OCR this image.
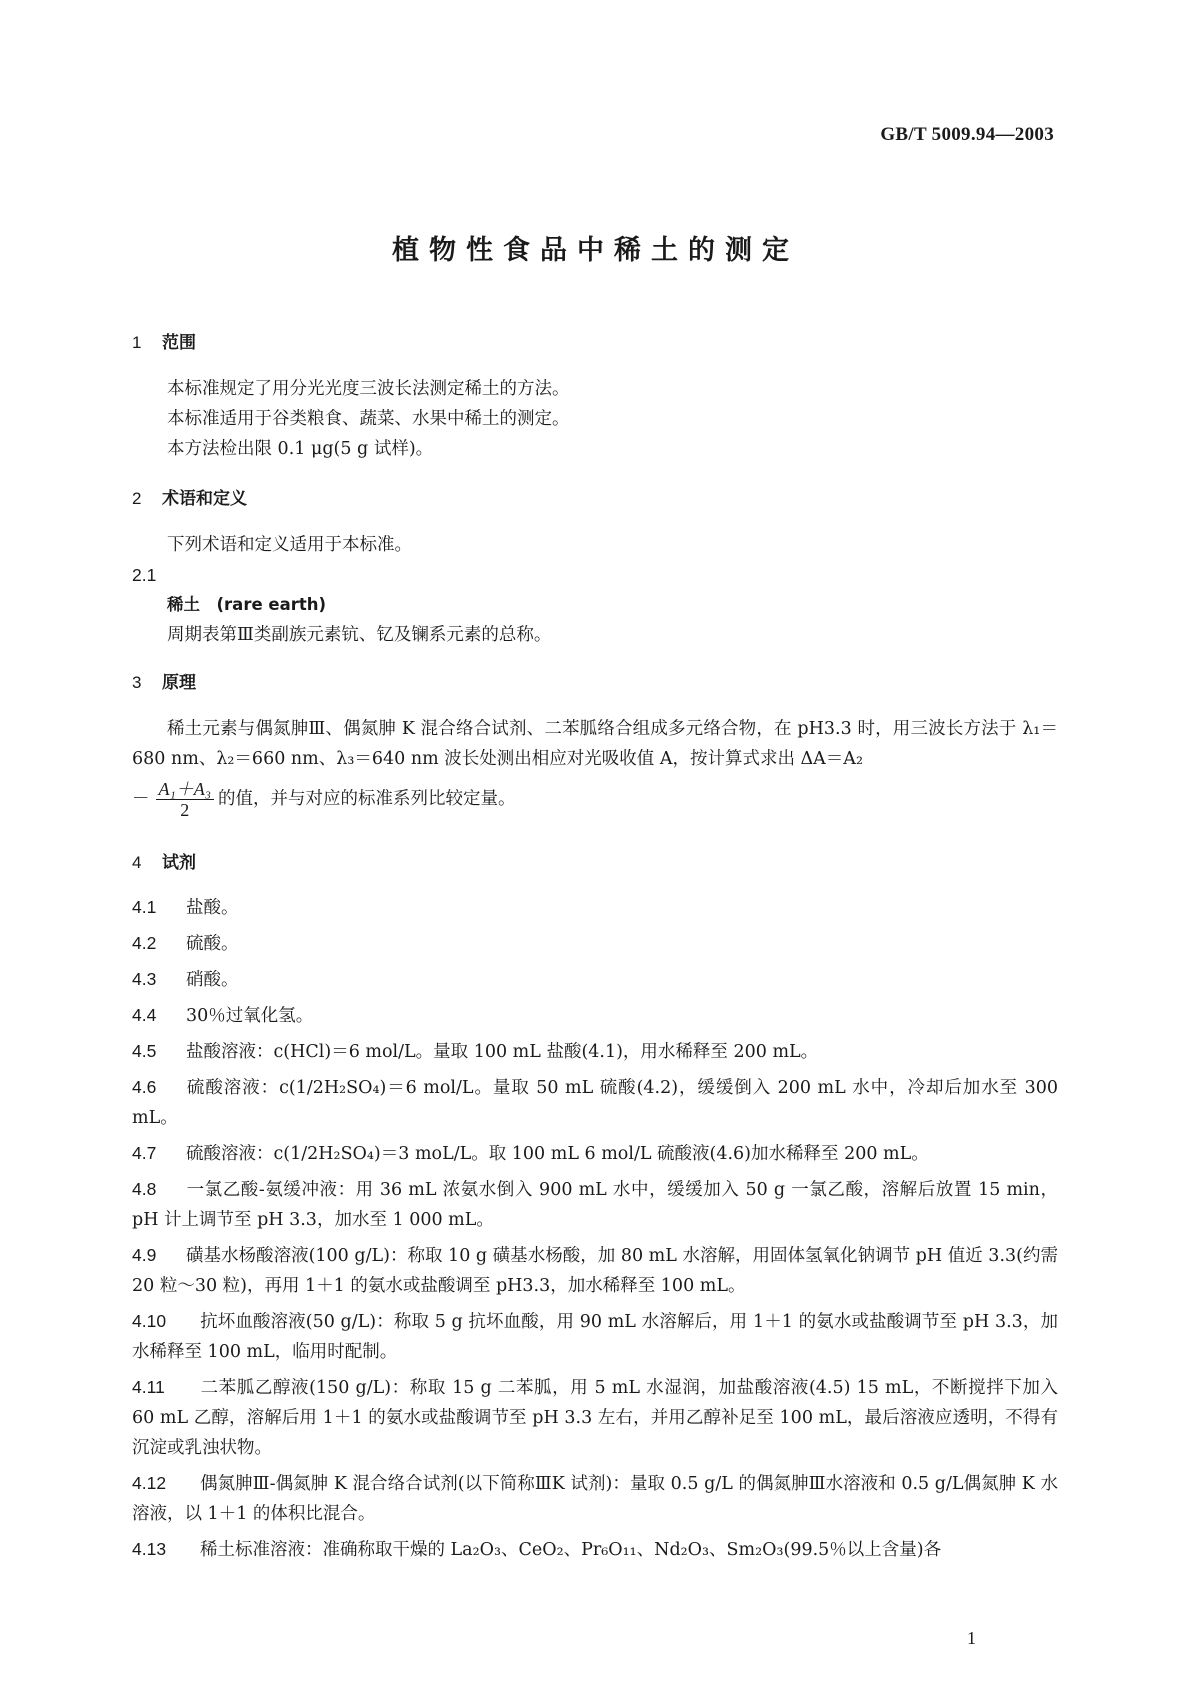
GB/T 5009.94—2003
植物性食品中稀土的测定

1 范围

本标准规定了用分光光度三波长法测定稀土的方法。

本标准适用于谷类粮食、蔬菜、水果中稀土的测定。

本方法检出限 0.1 μg(5 g 试样)。

2 术语和定义

下列术语和定义适用于本标准。

2.1

稀土　(rare earth)

周期表第Ⅲ类副族元素钪、钇及镧系元素的总称。

3 原理

稀土元素与偶氮胂Ⅲ、偶氮胂 K 混合络合试剂、二苯胍络合组成多元络合物，在 pH3.3 时，用三波长方法于 λ₁＝680 nm、λ₂＝660 nm、λ₃＝640 nm 波长处测出相应对光吸收值 A，按计算式求出 ΔA＝A₂

－ $\frac{\text{A₁＋A₃}}{2}$ 的值，并与对应的标准系列比较定量。

4 试剂

4.1 盐酸。

4.2 硫酸。

4.3 硝酸。

4.4 30％过氧化氢。

4.5 盐酸溶液：c(HCl)＝6 mol/L。量取 100 mL 盐酸(4.1)，用水稀释至 200 mL。

4.6 硫酸溶液：c(1/2H₂SO₄)＝6 mol/L。量取 50 mL 硫酸(4.2)，缓缓倒入 200 mL 水中，冷却后加水至 300 mL。

4.7 硫酸溶液：c(1/2H₂SO₄)＝3 moL/L。取 100 mL 6 mol/L 硫酸液(4.6)加水稀释至 200 mL。

4.8 一氯乙酸-氨缓冲液：用 36 mL 浓氨水倒入 900 mL 水中，缓缓加入 50 g 一氯乙酸，溶解后放置 15 min，pH 计上调节至 pH 3.3，加水至 1 000 mL。

4.9 磺基水杨酸溶液(100 g/L)：称取 10 g 磺基水杨酸，加 80 mL 水溶解，用固体氢氧化钠调节 pH 值近 3.3(约需 20 粒～30 粒)，再用 1＋1 的氨水或盐酸调至 pH3.3，加水稀释至 100 mL。

4.10 抗坏血酸溶液(50 g/L)：称取 5 g 抗坏血酸，用 90 mL 水溶解后，用 1＋1 的氨水或盐酸调节至 pH 3.3，加水稀释至 100 mL，临用时配制。

4.11 二苯胍乙醇液(150 g/L)：称取 15 g 二苯胍，用 5 mL 水湿润，加盐酸溶液(4.5) 15 mL，不断搅拌下加入 60 mL 乙醇，溶解后用 1＋1 的氨水或盐酸调节至 pH 3.3 左右，并用乙醇补足至 100 mL，最后溶液应透明，不得有沉淀或乳浊状物。

4.12 偶氮胂Ⅲ-偶氮胂 K 混合络合试剂(以下简称ⅢK 试剂)：量取 0.5 g/L 的偶氮胂Ⅲ水溶液和 0.5 g/L偶氮胂 K 水溶液，以 1＋1 的体积比混合。

4.13 稀土标准溶液：准确称取干燥的 La₂O₃、CeO₂、Pr₆O₁₁、Nd₂O₃、Sm₂O₃(99.5％以上含量)各

1
